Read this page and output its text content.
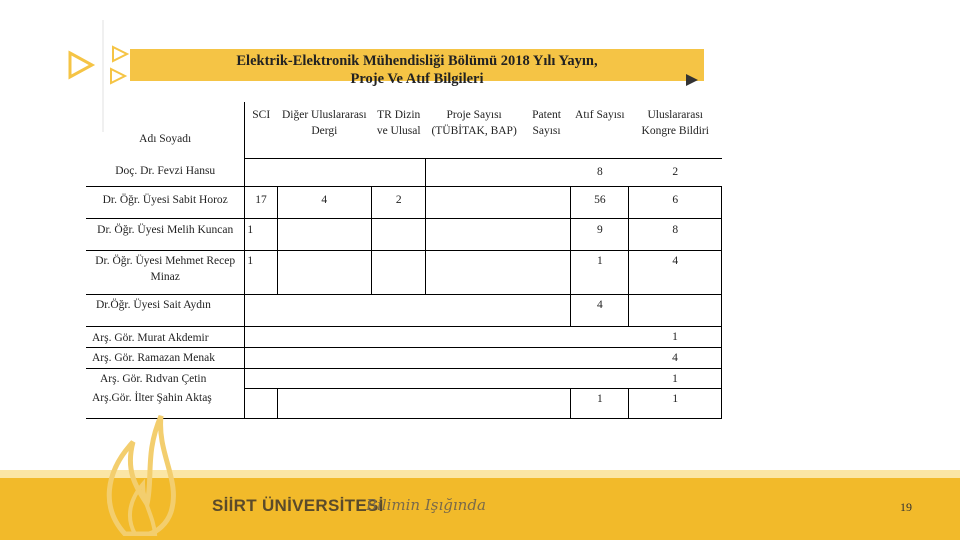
Elektrik-Elektronik Mühendisliği Bölümü 2018 Yılı Yayın,
Proje Ve Atıf Bilgileri
Adı Soyadı	SCI	Diğer Uluslararası Dergi	TR Dizin ve Ulusal	Proje Sayısı (TÜBİTAK, BAP)	Patent Sayısı	Atıf Sayısı	Uluslararası Kongre Bildiri
Doç. Dr. Fevzi Hansu						8	2
Dr. Öğr. Üyesi Sabit Horoz	17	4	2			56	6
Dr. Öğr. Üyesi Melih Kuncan	1					9	8
Dr. Öğr. Üyesi Mehmet Recep Minaz	1					1	4
Dr.Öğr. Üyesi Sait Aydın						4	
Arş. Gör. Murat Akdemir							1
Arş. Gör. Ramazan Menak							4
Arş. Gör. Rıdvan Çetin							1
Arş.Gör. İlter Şahin Aktaş						1	1
SİİRT ÜNİVERSİTESİ
Bilimin Işığında	19
